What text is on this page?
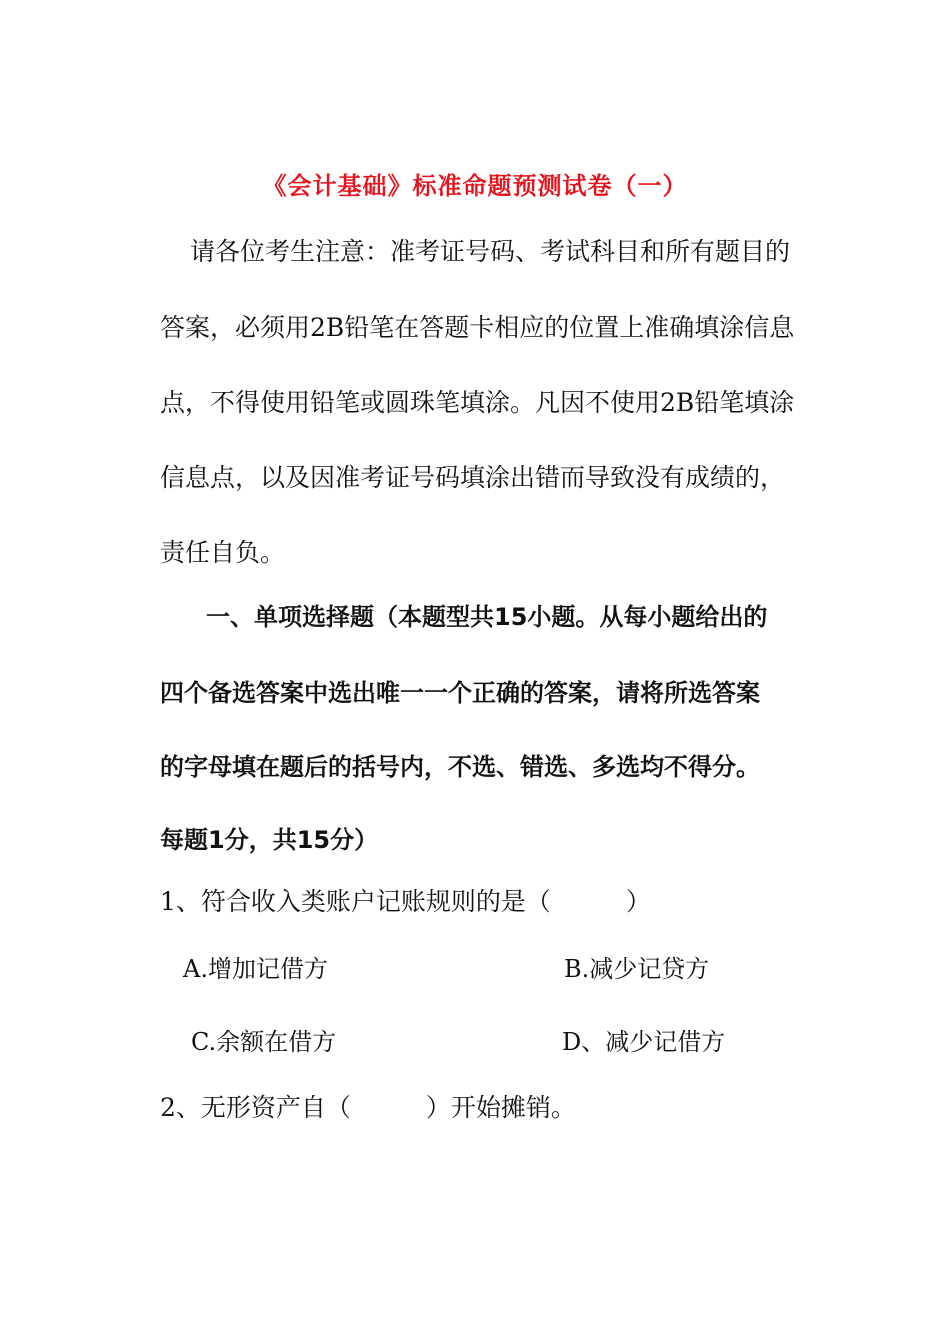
《会计基础》标准命题预测试卷（一）
请各位考生注意：准考证号码、考试科目和所有题目的
答案，必须用2B铅笔在答题卡相应的位置上准确填涂信息
点，不得使用铅笔或圆珠笔填涂。凡因不使用2B铅笔填涂
信息点，以及因准考证号码填涂出错而导致没有成绩的，
责任自负。
一、单项选择题（本题型共15小题。从每小题给出的
四个备选答案中选出唯一一个正确的答案，请将所选答案
的字母填在题后的括号内，不选、错选、多选均不得分。
每题1分，共15分）
1、符合收入类账户记账规则的是（　　　）
A.增加记借方	B.减少记贷方
C.余额在借方	D、减少记借方
2、无形资产自（　　　）开始摊销。
